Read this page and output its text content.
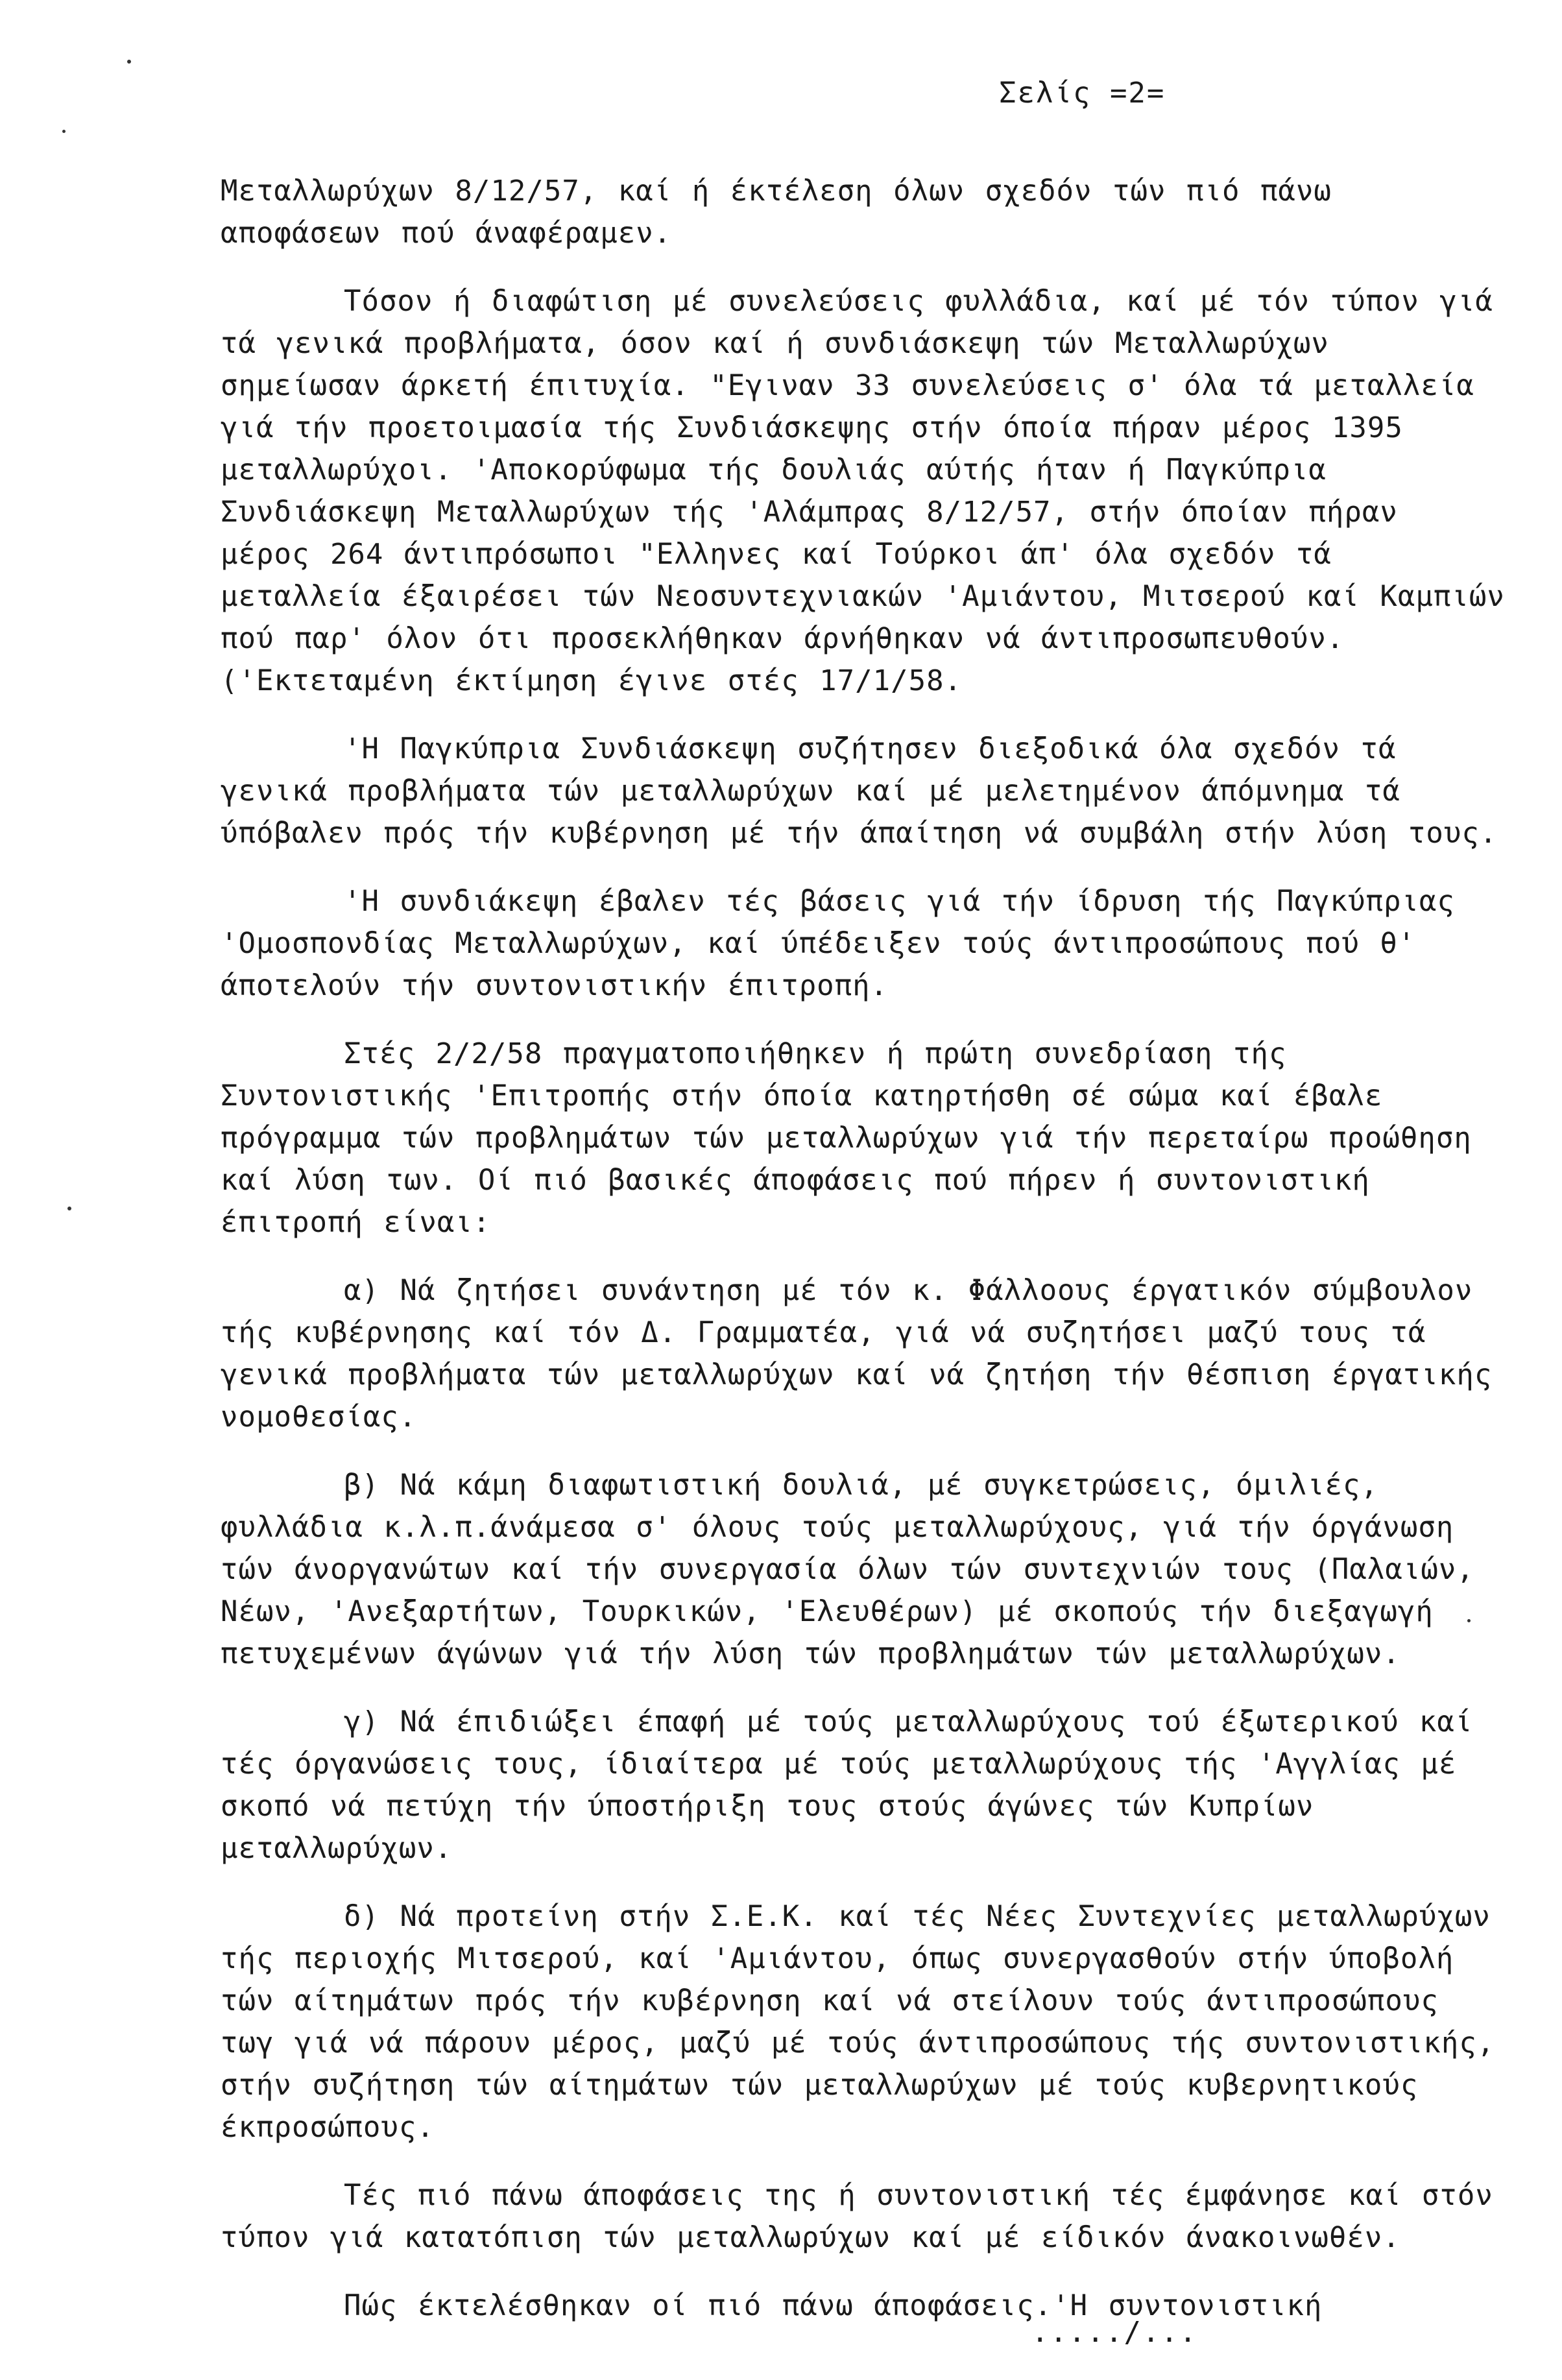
Σελίς =2=

Μεταλλωρύχων 8/12/57, καί ή έκτέλεση όλων σχεδόν τών πιό πάνω αποφάσεων πού άναφέραμεν.

Τόσον ή διαφώτιση μέ συνελεύσεις φυλλάδια, καί μέ τόν τύπον γιά τά γενικά προβλήματα, όσον καί ή συνδιάσκεψη τών Μεταλλωρύχων σημείωσαν άρκετή έπιτυχία. "Εγιναν 33 συνελεύσεις σ' όλα τά μεταλλεία γιά τήν προετοιμασία τής Συνδιάσκεψης στήν όποία πήραν μέρος 1395 μεταλλωρύχοι. 'Αποκορύφωμα τής δουλιάς αύτής ήταν ή Παγκύπρια Συνδιάσκεψη Μεταλλωρύχων τής 'Αλάμπρας 8/12/57, στήν όποίαν πήραν μέρος 264 άντιπρόσωποι "Ελληνες καί Τούρκοι άπ' όλα σχεδόν τά μεταλλεία έξαιρέσει τών Νεοσυντεχνιακών 'Αμιάντου, Μιτσερού καί Καμπιών πού παρ' όλον ότι προσεκλήθηκαν άρνήθηκαν νά άντιπροσωπευθούν.('Εκτεταμένη έκτίμηση έγινε στές 17/1/58.

'Η Παγκύπρια Συνδιάσκεψη συζήτησεν διεξοδικά όλα σχεδόν τά γενικά προβλήματα τών μεταλλωρύχων καί μέ μελετημένον άπόμνημα τά ύπόβαλεν πρός τήν κυβέρνηση μέ τήν άπαίτηση νά συμβάλη στήν λύση τους.

'Η συνδιάκεψη έβαλεν τές βάσεις γιά τήν ίδρυση τής Παγκύπριας 'Ομοσπονδίας Μεταλλωρύχων, καί ύπέδειξεν τούς άντιπροσώπους πού θ' άποτελούν τήν συντονιστικήν έπιτροπή.

Στές 2/2/58 πραγματοποιήθηκεν ή πρώτη συνεδρίαση τής Συντονιστικής 'Επιτροπής στήν όποία κατηρτήσθη σέ σώμα καί έβαλε πρόγραμμα τών προβλημάτων τών μεταλλωρύχων γιά τήν περεταίρω προώθηση καί λύση των. Οί πιό βασικές άποφάσεις πού πήρεν ή συντονιστική έπιτροπή είναι:

α) Νά ζητήσει συνάντηση μέ τόν κ. Φάλλοους έργατικόν σύμβουλον τής κυβέρνησης καί τόν Δ. Γραμματέα, γιά νά συζητήσει μαζύ τους τά γενικά προβλήματα τών μεταλλωρύχων καί νά ζητήση τήν θέσπιση έργατικής νομοθεσίας.

β) Νά κάμη διαφωτιστική δουλιά, μέ συγκετρώσεις, όμιλιές, φυλλάδια κ.λ.π.άνάμεσα σ' όλους τούς μεταλλωρύχους, γιά τήν όργάνωση τών άνοργανώτων καί τήν συνεργασία όλων τών συντεχνιών τους (Παλαιών, Νέων, 'Ανεξαρτήτων, Τουρκικών, 'Ελευθέρων) μέ σκοπούς τήν διεξαγωγή πετυχεμένων άγώνων γιά τήν λύση τών προβλημάτων τών μεταλλωρύχων.

γ) Νά έπιδιώξει έπαφή μέ τούς μεταλλωρύχους τού έξωτερικού καί τές όργανώσεις τους, ίδιαίτερα μέ τούς μεταλλωρύχους τής 'Αγγλίας μέ σκοπό νά πετύχη τήν ύποστήριξη τους στούς άγώνες τών Κυπρίων μεταλλωρύχων.

δ) Νά προτείνη στήν Σ.Ε.Κ. καί τές Νέες Συντεχνίες μεταλλωρύχων τής περιοχής Μιτσερού, καί 'Αμιάντου, όπως συνεργασθούν στήν ύποβολή τών αίτημάτων πρός τήν κυβέρνηση καί νά στείλουν τούς άντιπροσώπους τωγ γιά νά πάρουν μέρος, μαζύ μέ τούς άντιπροσώπους τής συντονιστικής, στήν συζήτηση τών αίτημάτων τών μεταλλωρύχων μέ τούς κυβερνητικούς έκπροσώπους.

Τές πιό πάνω άποφάσεις της ή συντονιστική τές έμφάνησε καί στόν τύπον γιά κατατόπιση τών μεταλλωρύχων καί μέ είδικόν άνακοινωθέν.

Πώς έκτελέσθηκαν οί πιό πάνω άποφάσεις.'Η συντονιστική

...../...
